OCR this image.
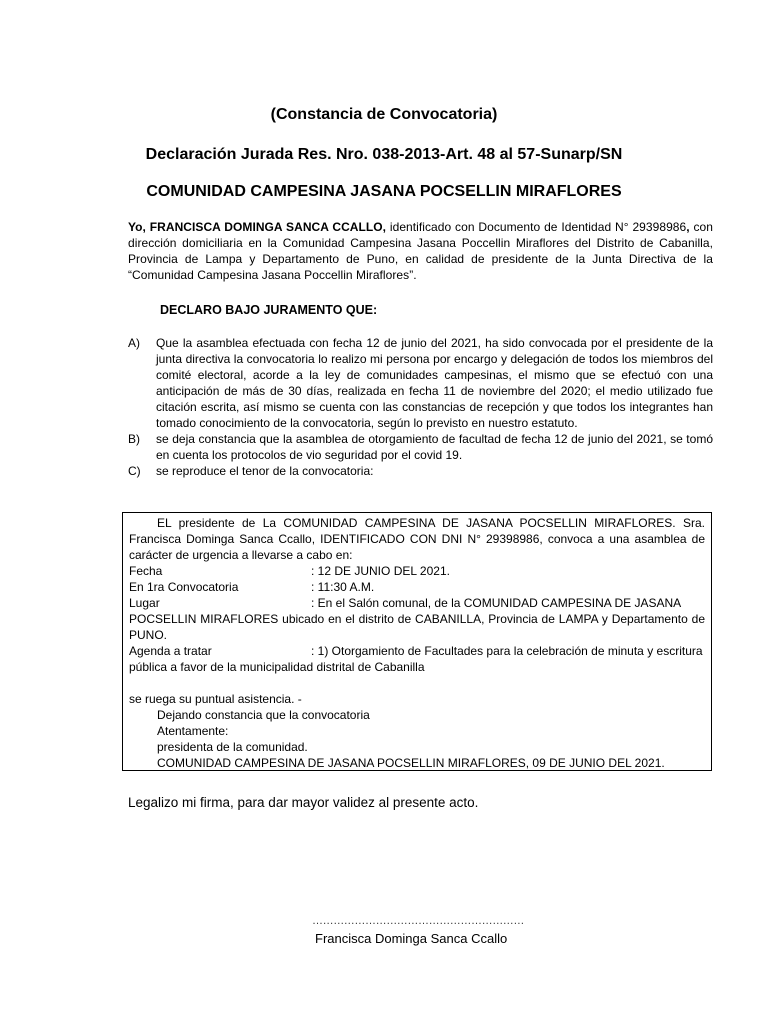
(Constancia de Convocatoria)
Declaración Jurada Res. Nro. 038-2013-Art. 48 al 57-Sunarp/SN
COMUNIDAD CAMPESINA JASANA POCSELLIN MIRAFLORES
Yo, FRANCISCA DOMINGA SANCA CCALLO, identificado con Documento de Identidad N° 29398986, con dirección domiciliaria en la Comunidad Campesina Jasana Poccellin Miraflores del Distrito de Cabanilla, Provincia de Lampa y Departamento de Puno, en calidad de presidente de la Junta Directiva de la “Comunidad Campesina Jasana Poccellin Miraflores”.
DECLARO BAJO JURAMENTO QUE:
A)	Que la asamblea efectuada con fecha 12 de junio del 2021, ha sido convocada por el presidente de la junta directiva la convocatoria lo realizo mi persona por encargo y delegación de todos los miembros del comité electoral, acorde a la ley de comunidades campesinas, el mismo que se efectuó con una anticipación de más de 30 días, realizada en fecha 11 de noviembre del 2020; el medio utilizado fue citación escrita, así mismo se cuenta con las constancias de recepción y que todos los integrantes han tomado conocimiento de la convocatoria, según lo previsto en nuestro estatuto.
B)	se deja constancia que la asamblea de otorgamiento de facultad de fecha 12 de junio del 2021, se tomó en cuenta los protocolos de vio seguridad por el covid 19.
C)	se reproduce el tenor de la convocatoria:

EL presidente de La COMUNIDAD CAMPESINA DE JASANA POCSELLIN MIRAFLORES. Sra. Francisca Dominga Sanca Ccallo, IDENTIFICADO CON DNI N° 29398986, convoca a una asamblea de carácter de urgencia a llevarse a cabo en:

Fecha	: 12 DE JUNIO DEL 2021.
En 1ra Convocatoria	: 11:30 A.M.
Lugar	: En el Salón comunal, de la COMUNIDAD CAMPESINA DE JASANA

POCSELLIN MIRAFLORES ubicado en el distrito de CABANILLA, Provincia de LAMPA y Departamento de PUNO.

Agenda a tratar	: 1) Otorgamiento de Facultades para la celebración de minuta y escritura

pública a favor de la municipalidad distrital de Cabanilla

se ruega su puntual asistencia. -

Dejando constancia que la convocatoria

Atentamente:

presidenta de la comunidad.

COMUNIDAD CAMPESINA DE JASANA POCSELLIN MIRAFLORES, 09 DE JUNIO DEL 2021.

Legalizo mi firma, para dar mayor validez al presente acto.
……………………………………………………
Francisca Dominga Sanca Ccallo
